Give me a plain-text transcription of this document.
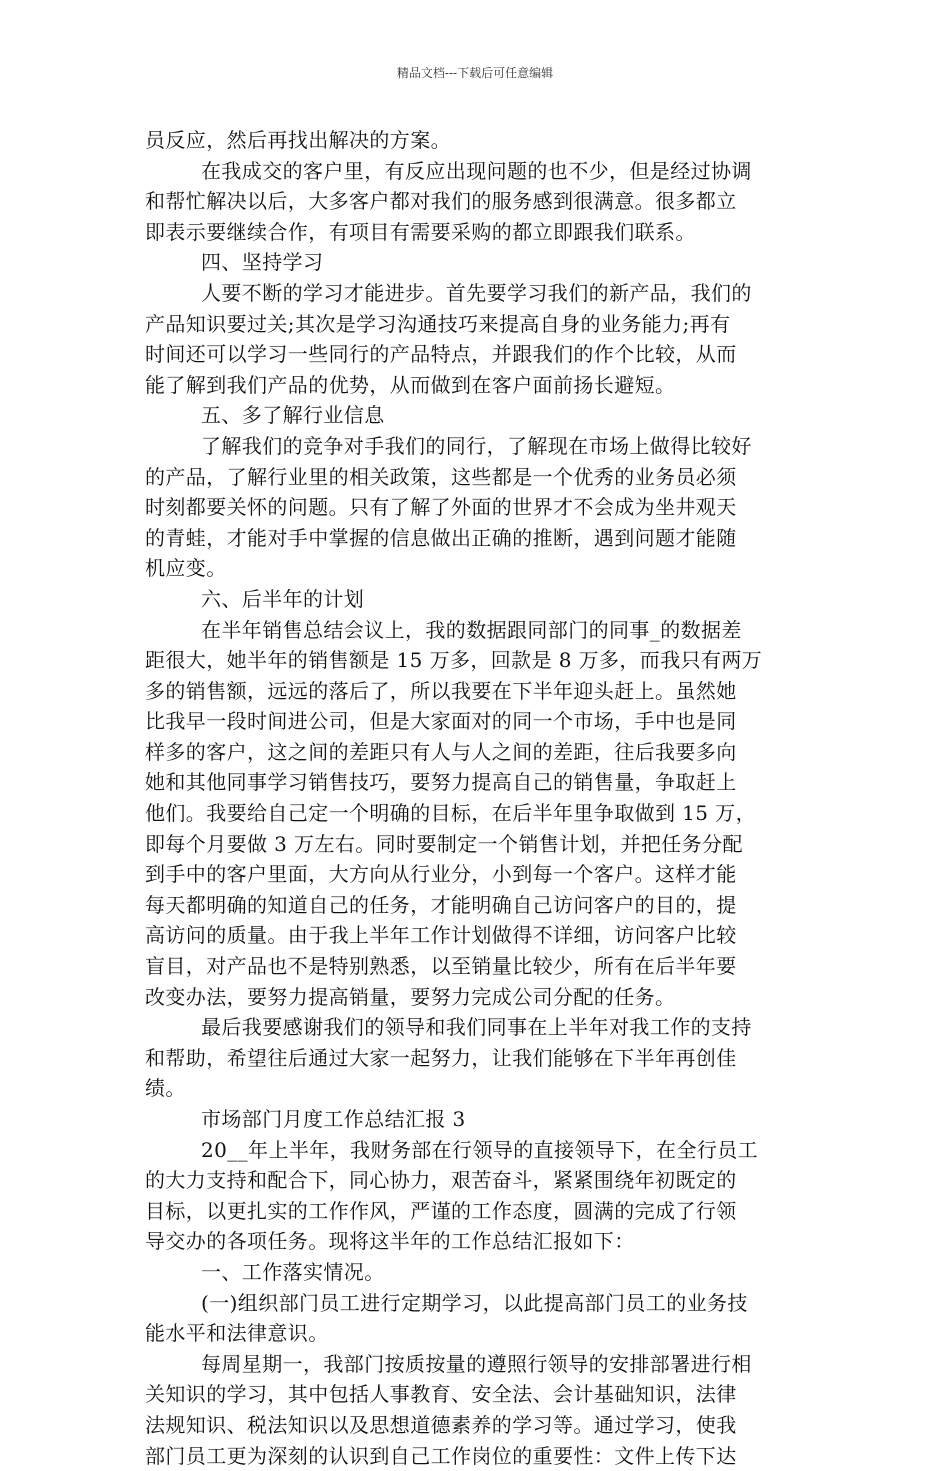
精品文档---下载后可任意编辑
员反应，然后再找出解决的方案。
在我成交的客户里，有反应出现问题的也不少，但是经过协调
和帮忙解决以后，大多客户都对我们的服务感到很满意。很多都立
即表示要继续合作，有项目有需要采购的都立即跟我们联系。
四、坚持学习
人要不断的学习才能进步。首先要学习我们的新产品，我们的
产品知识要过关;其次是学习沟通技巧来提高自身的业务能力;再有
时间还可以学习一些同行的产品特点，并跟我们的作个比较，从而
能了解到我们产品的优势，从而做到在客户面前扬长避短。
五、多了解行业信息
了解我们的竞争对手我们的同行，了解现在市场上做得比较好
的产品，了解行业里的相关政策，这些都是一个优秀的业务员必须
时刻都要关怀的问题。只有了解了外面的世界才不会成为坐井观天
的青蛙，才能对手中掌握的信息做出正确的推断，遇到问题才能随
机应变。
六、后半年的计划
在半年销售总结会议上，我的数据跟同部门的同事_的数据差
距很大，她半年的销售额是 15 万多，回款是 8 万多，而我只有两万
多的销售额，远远的落后了，所以我要在下半年迎头赶上。虽然她
比我早一段时间进公司，但是大家面对的同一个市场，手中也是同
样多的客户，这之间的差距只有人与人之间的差距，往后我要多向
她和其他同事学习销售技巧，要努力提高自己的销售量，争取赶上
他们。我要给自己定一个明确的目标，在后半年里争取做到 15 万，
即每个月要做 3 万左右。同时要制定一个销售计划，并把任务分配
到手中的客户里面，大方向从行业分，小到每一个客户。这样才能
每天都明确的知道自己的任务，才能明确自己访问客户的目的，提
高访问的质量。由于我上半年工作计划做得不详细，访问客户比较
盲目，对产品也不是特别熟悉，以至销量比较少，所有在后半年要
改变办法，要努力提高销量，要努力完成公司分配的任务。
最后我要感谢我们的领导和我们同事在上半年对我工作的支持
和帮助，希望往后通过大家一起努力，让我们能够在下半年再创佳
绩。
市场部门月度工作总结汇报 3
20__年上半年，我财务部在行领导的直接领导下，在全行员工
的大力支持和配合下，同心协力，艰苦奋斗，紧紧围绕年初既定的
目标，以更扎实的工作作风，严谨的工作态度，圆满的完成了行领
导交办的各项任务。现将这半年的工作总结汇报如下：
一、工作落实情况。
(一)组织部门员工进行定期学习，以此提高部门员工的业务技
能水平和法律意识。
每周星期一，我部门按质按量的遵照行领导的安排部署进行相
关知识的学习，其中包括人事教育、安全法、会计基础知识，法律
法规知识、税法知识以及思想道德素养的学习等。通过学习，使我
部门员工更为深刻的认识到自己工作岗位的重要性：文件上传下达
